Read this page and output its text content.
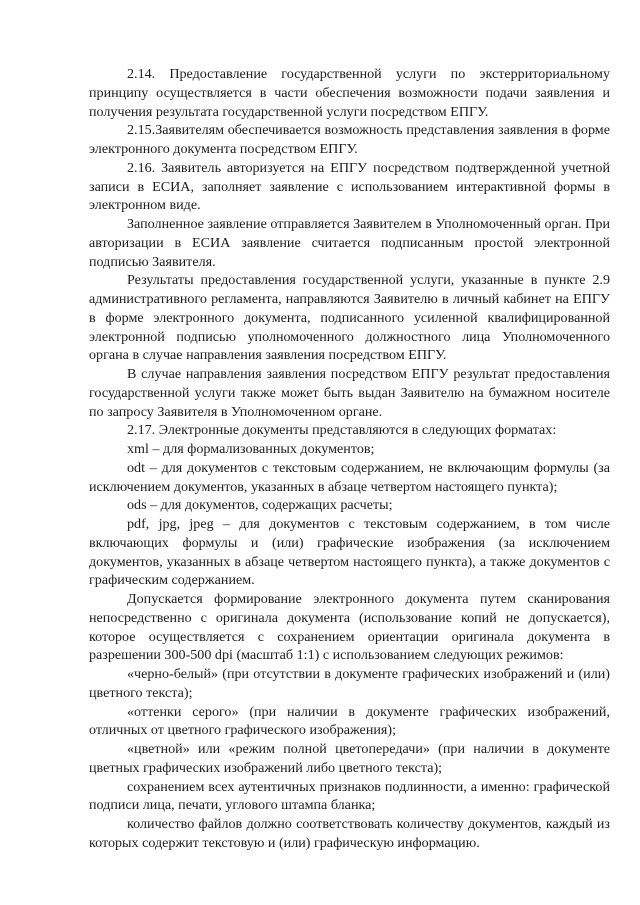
2.14. Предоставление государственной услуги по экстерриториальному принципу осуществляется в части обеспечения возможности подачи заявления и получения результата государственной услуги посредством ЕПГУ.

2.15.Заявителям обеспечивается возможность представления заявления в форме электронного документа посредством ЕПГУ.

2.16. Заявитель авторизуется на ЕПГУ посредством подтвержденной учетной записи в ЕСИА, заполняет заявление с использованием интерактивной формы в электронном виде.

Заполненное заявление отправляется Заявителем в Уполномоченный орган. При авторизации в ЕСИА заявление считается подписанным простой электронной подписью Заявителя.

Результаты предоставления государственной услуги, указанные в пункте 2.9 административного регламента, направляются Заявителю в личный кабинет на ЕПГУ в форме электронного документа, подписанного усиленной квалифицированной электронной подписью уполномоченного должностного лица Уполномоченного органа в случае направления заявления посредством ЕПГУ.

В случае направления заявления посредством ЕПГУ результат предоставления государственной услуги также может быть выдан Заявителю на бумажном носителе по запросу Заявителя в Уполномоченном органе.

2.17. Электронные документы представляются в следующих форматах:

xml – для формализованных документов;

odt – для документов с текстовым содержанием, не включающим формулы (за исключением документов, указанных в абзаце четвертом настоящего пункта);

ods – для документов, содержащих расчеты;

pdf, jpg, jpeg – для документов с текстовым содержанием, в том числе включающих формулы и (или) графические изображения (за исключением документов, указанных в абзаце четвертом настоящего пункта), а также документов с графическим содержанием.

Допускается формирование электронного документа путем сканирования непосредственно с оригинала документа (использование копий не допускается), которое осуществляется с сохранением ориентации оригинала документа в разрешении 300-500 dpi (масштаб 1:1) с использованием следующих режимов:

«черно-белый» (при отсутствии в документе графических изображений и (или) цветного текста);

«оттенки серого» (при наличии в документе графических изображений, отличных от цветного графического изображения);

«цветной» или «режим полной цветопередачи» (при наличии в документе цветных графических изображений либо цветного текста);

сохранением всех аутентичных признаков подлинности, а именно: графической подписи лица, печати, углового штампа бланка;

количество файлов должно соответствовать количеству документов, каждый из которых содержит текстовую и (или) графическую информацию.
